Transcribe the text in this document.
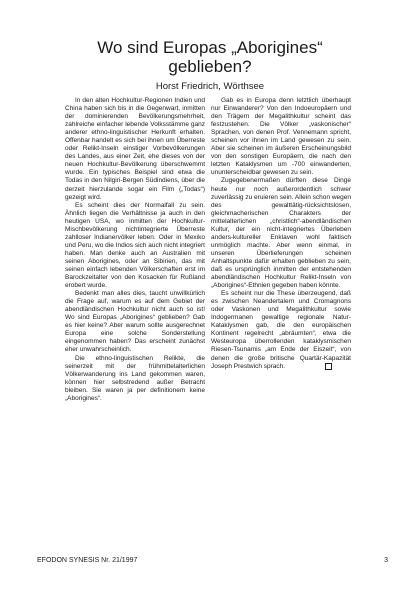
Wo sind Europas „Aborigines“
geblieben?
Horst Friedrich, Wörthsee

In den alten Hochkultur-Regionen Indien und China haben sich bis in die Gegenwart, inmitten der dominierenden Bevölkerungsmehrheit, zahlreiche einfacher lebende Volksstämme ganz anderer ethno-linguistischer Herkunft erhalten. Offenbar handelt es sich bei ihnen um Überreste oder Relikt-Inseln einstiger Vorbevölkerungen des Landes, aus einer Zeit, ehe dieses von der neuen Hochkultur-Bevölkerung überschwemmt wurde. Ein typisches Beispiel sind etwa die Todas in den Nilgiri-Bergen Südindiens, über die derzeit hierzulande sogar ein Film („Todas“) gezeigt wird.

Es scheint dies der Normalfall zu sein. Ähnlich liegen die Verhältnisse ja auch in den heutigen USA, wo inmitten der Hochkultur-Mischbevölkerung nichtintegrierte Überreste zahlloser Indianervölker leben. Oder in Mexiko und Peru, wo die Indios sich auch nicht integriert haben. Man denke auch an Australien mit seinen Aborigines, oder an Sibirien, das mit seinen einfach lebenden Völkerschaften erst im Barockzeitalter von den Kosacken für Rußland erobert wurde.

Bedenkt man alles dies, taucht unwillkürlich die Frage auf, warum es auf dem Gebiet der abendländischen Hochkultur nicht auch so ist! Wo sind Europas „Aborigines“ geblieben? Gab es hier keine? Aber warum sollte ausgerechnet Europa eine solche Sonderstellung eingenommen haben? Das erscheint zunächst eher unwahrscheinlich.

Die ethno-linguistischen Relikte, die seinerzeit mit der frühmittelalterlichen Völkerwanderung ins Land gekommen waren, können hier selbstredend außer Betracht bleiben. Sie waren ja per definitionem keine „Aborigines“.

Gab es in Europa denn letztlich überhaupt nur Einwanderer? Von den Indoeuropäern und den Trägern der Megalithkultur scheint das festzustehen. Die Völker „vaskonischer“ Sprachen, von denen Prof. Vennemann spricht, scheinen vor ihnen im Land gewesen zu sein. Aber sie scheinen im äußeren Erscheinungsbild von den sonstigen Europäern, die nach den letzten Kataklysmen um -700 einwanderten, ununterscheidbar gewesen zu sein.

Zugegebenermaßen dürften diese Dinge heute nur noch außerordentlich schwer zuverlässig zu eruieren sein. Allein schon wegen des gewalttätig-rücksichtslosen, gleichmacherischen Charakters der mittelalterlichen „christlich“-abendländischen Kultur, der ein nicht-integriertes Überleben anders-kultureller Enklaven wohl faktisch unmöglich machte. Aber wenn einmal, in unseren Überlieferungen scheinen Anhaltspunkte dafür erhalten geblieben zu sein, daß es ursprünglich inmitten der entstehenden abendländischen Hochkultur Relikt-Inseln von „Aborigines“-Ethnien gegeben haben könnte.

Es scheint nur die These überzeugend, daß es zwischen Neandertalern und Cromagnons oder Vaskonen und Megalithkultur sowie Indogermanen gewaltige regionale Natur-Kataklysmen gab, die den europäischen Kontinent regelrecht „abräumten“, etwa die Westeuropa überrollenden kataklysmischen Riesen-Tsunamis „am Ende der Eiszeit“, von denen die große britische Quartär-Kapazität Joseph Prestwich sprach.

EFODON SYNESIS Nr. 21/1997	3
